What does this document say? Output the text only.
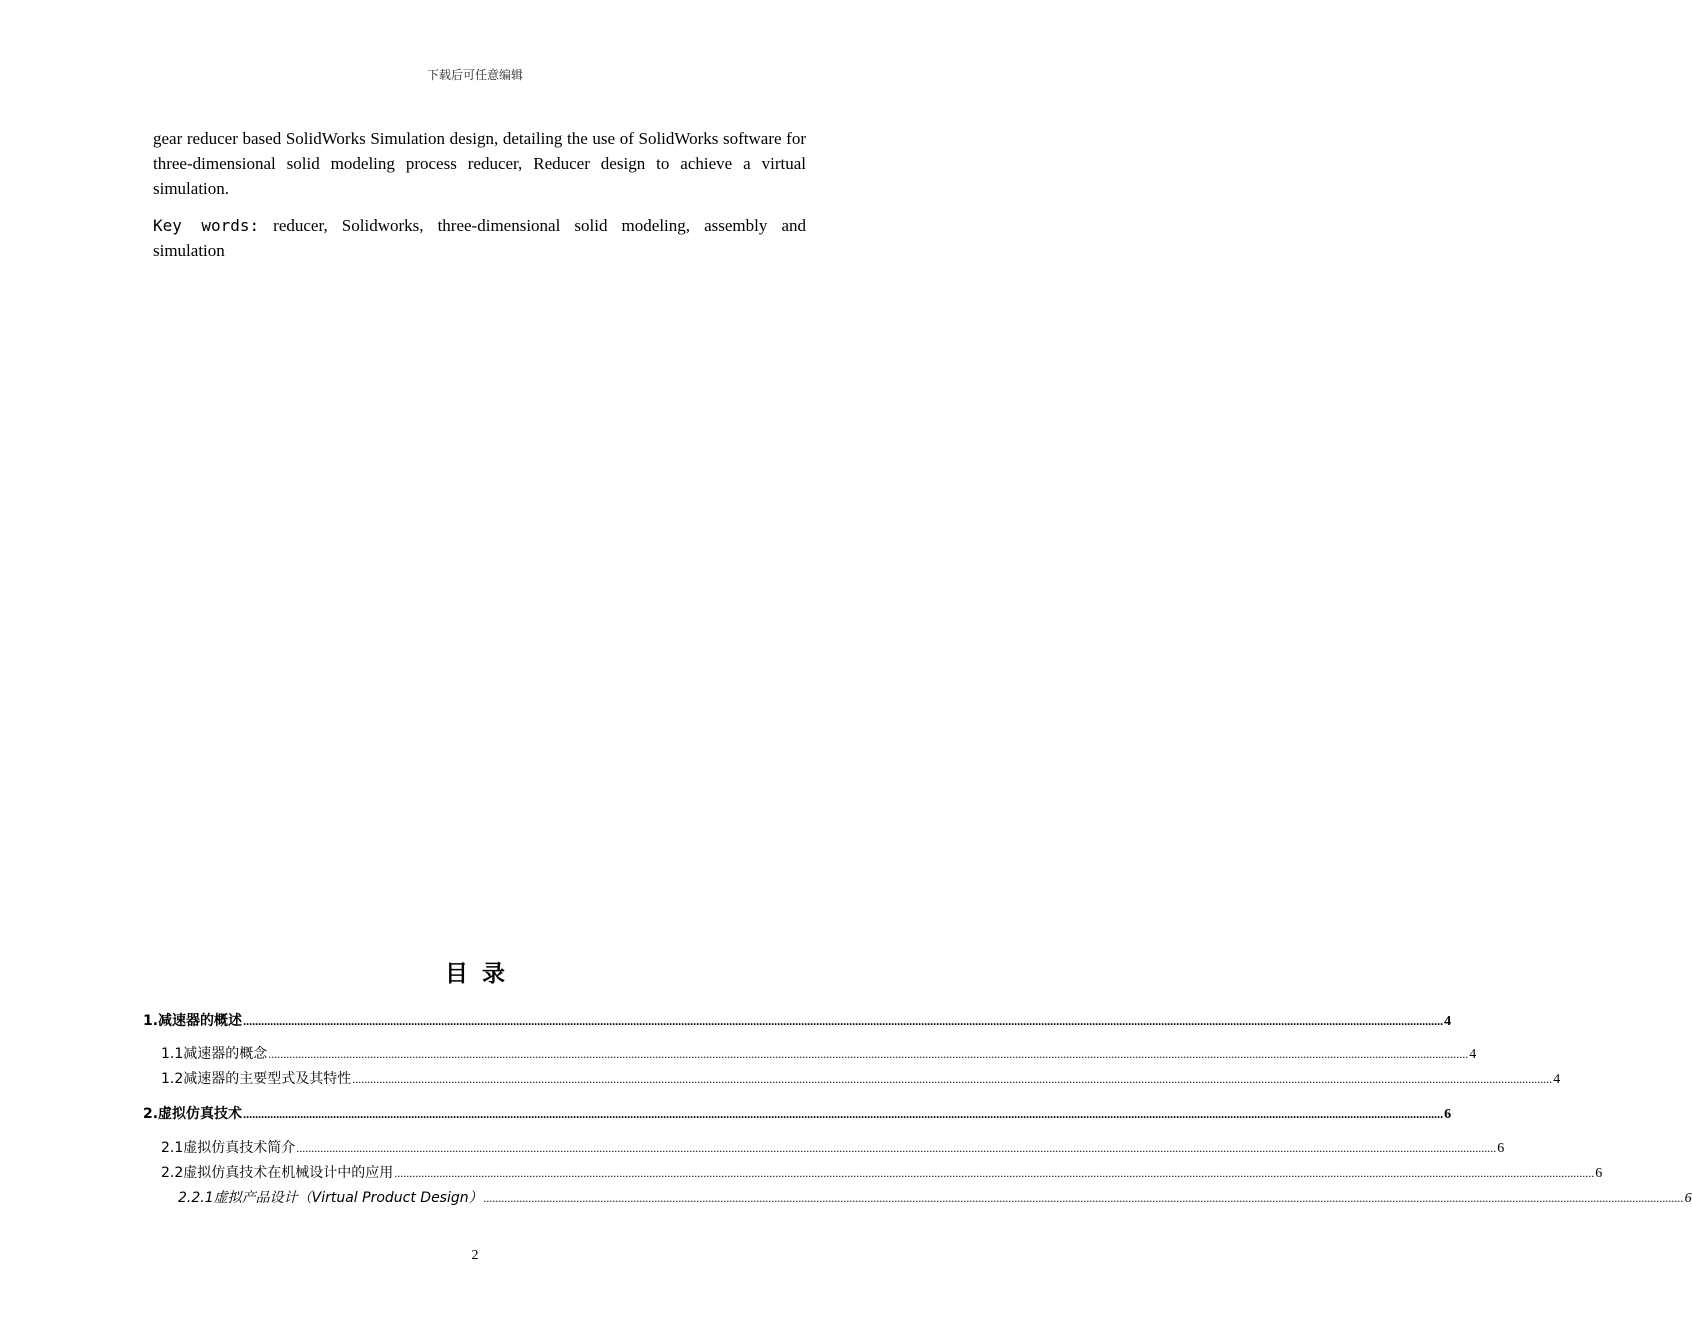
下载后可任意编辑

gear reducer based SolidWorks Simulation design, detailing the use of SolidWorks software for three-dimensional solid modeling process reducer, Reducer design to achieve a virtual simulation.

Key words: reducer, Solidworks, three-dimensional solid modeling, assembly and simulation

目录
1.减速器的概述 ................................................................................................................................................................................................................................................................................................................................................................................................................ 4
1.1减速器的概念 ................................................................................................................................................................................................................................................................................................................................................................................................................ 4
1.2减速器的主要型式及其特性 ................................................................................................................................................................................................................................................................................................................................................................................................................ 4
2.虚拟仿真技术 ................................................................................................................................................................................................................................................................................................................................................................................................................ 6
2.1虚拟仿真技术简介 ................................................................................................................................................................................................................................................................................................................................................................................................................ 6
2.2虚拟仿真技术在机械设计中的应用 ................................................................................................................................................................................................................................................................................................................................................................................................................ 6
2.2.1虚拟产品设计（Virtual Product Design） ................................................................................................................................................................................................................................................................................................................................................................................................................ 6
2
